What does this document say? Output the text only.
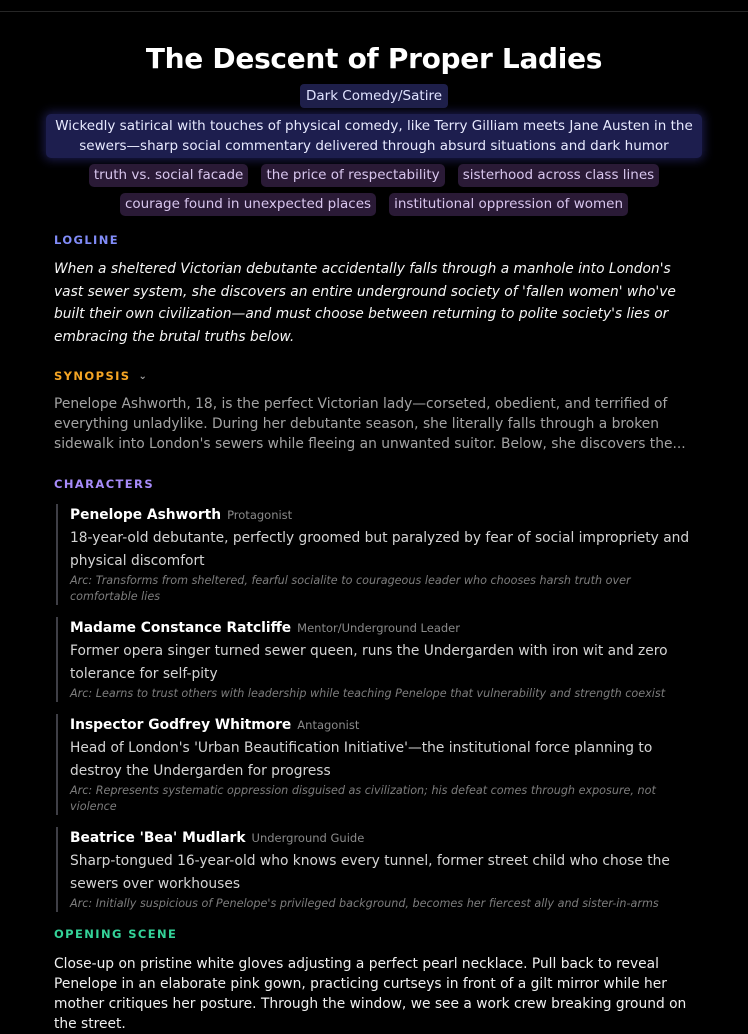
The Descent of Proper Ladies
Dark Comedy/Satire
Wickedly satirical with touches of physical comedy, like Terry Gilliam meets Jane Austen in the sewers—sharp social commentary delivered through absurd situations and dark humor
truth vs. social facade the price of respectability sisterhood across class lines
courage found in unexpected places institutional oppression of women
LOGLINE

When a sheltered Victorian debutante accidentally falls through a manhole into London's vast sewer system, she discovers an entire underground society of 'fallen women' who've built their own civilization—and must choose between returning to polite society's lies or embracing the brutal truths below.

SYNOPSIS ⌄

Penelope Ashworth, 18, is the perfect Victorian lady—corseted, obedient, and terrified of everything unladylike. During her debutante season, she literally falls through a broken sidewalk into London's sewers while fleeing an unwanted suitor. Below, she discovers the...

CHARACTERS
Penelope Ashworth Protagonist
18-year-old debutante, perfectly groomed but paralyzed by fear of social impropriety and physical discomfort
Arc: Transforms from sheltered, fearful socialite to courageous leader who chooses harsh truth over comfortable lies
Madame Constance Ratcliffe Mentor/Underground Leader
Former opera singer turned sewer queen, runs the Undergarden with iron wit and zero tolerance for self-pity
Arc: Learns to trust others with leadership while teaching Penelope that vulnerability and strength coexist
Inspector Godfrey Whitmore Antagonist
Head of London's 'Urban Beautification Initiative'—the institutional force planning to destroy the Undergarden for progress
Arc: Represents systematic oppression disguised as civilization; his defeat comes through exposure, not violence
Beatrice 'Bea' Mudlark Underground Guide
Sharp-tongued 16-year-old who knows every tunnel, former street child who chose the sewers over workhouses
Arc: Initially suspicious of Penelope's privileged background, becomes her fiercest ally and sister-in-arms
OPENING SCENE

Close-up on pristine white gloves adjusting a perfect pearl necklace. Pull back to reveal Penelope in an elaborate pink gown, practicing curtseys in front of a gilt mirror while her mother critiques her posture. Through the window, we see a work crew breaking ground on the street.
